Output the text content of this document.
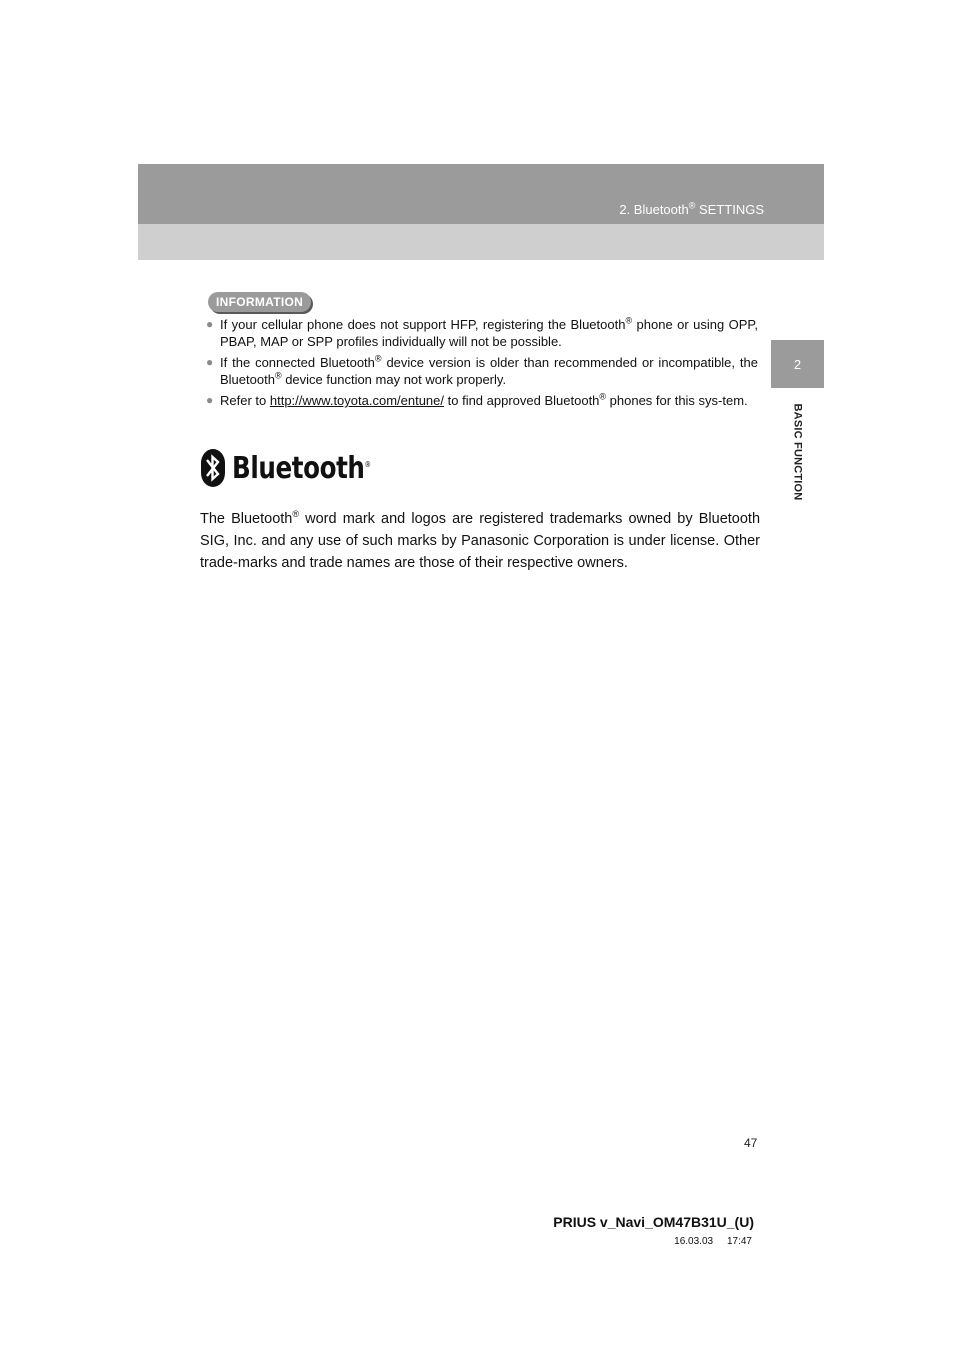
2. Bluetooth® SETTINGS
2
BASIC FUNCTION
INFORMATION
● If your cellular phone does not support HFP, registering the Bluetooth® phone or using OPP, PBAP, MAP or SPP profiles individually will not be possible.
● If the connected Bluetooth® device version is older than recommended or incompatible, the Bluetooth® device function may not work properly.
● Refer to http://www.toyota.com/entune/ to find approved Bluetooth® phones for this sys-tem.
Bluetooth®
The Bluetooth® word mark and logos are registered trademarks owned by Bluetooth SIG, Inc. and any use of such marks by Panasonic Corporation is under license. Other trade-marks and trade names are those of their respective owners.
47
PRIUS v_Navi_OM47B31U_(U)
16.03.03     17:47
